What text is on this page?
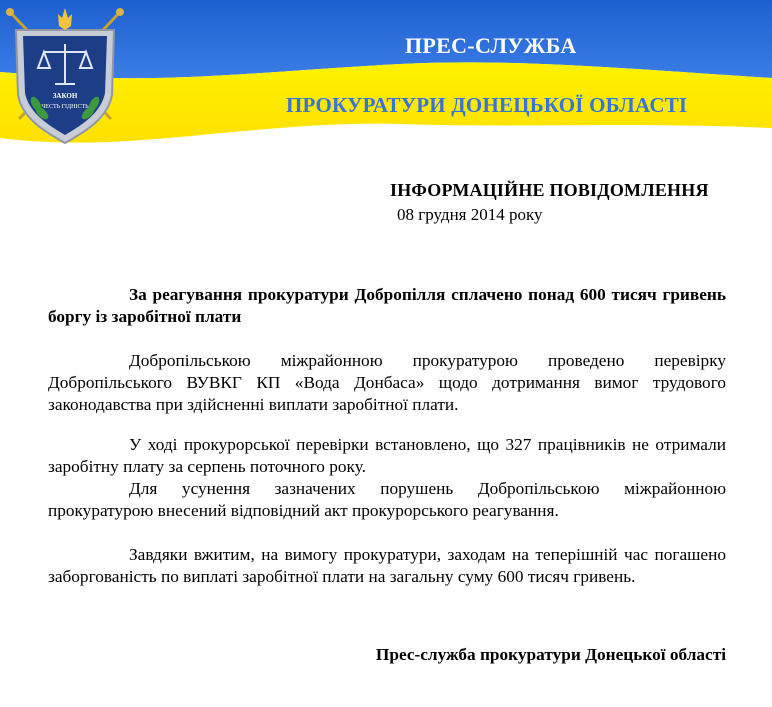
ЗАКОН
ЧЕСТЬ ГІДНІСТЬ
ПРЕС-СЛУЖБА
ПРОКУРАТУРИ ДОНЕЦЬКОЇ ОБЛАСТІ
ІНФОРМАЦІЙНЕ ПОВІДОМЛЕННЯ
08 грудня 2014 року

За реагування прокуратури Добропілля сплачено понад 600 тисяч гривень боргу із заробітної плати

Добропільською міжрайонною прокуратурою проведено перевірку Добропільського ВУВКГ КП «Вода Донбаса» щодо дотримання вимог трудового законодавства при здійсненні виплати заробітної плати.

У ході прокурорської перевірки встановлено, що 327 працівників не отримали заробітну плату за серпень поточного року.

Для усунення зазначених порушень Добропільською міжрайонною прокуратурою внесений відповідний акт прокурорського реагування.

Завдяки вжитим, на вимогу прокуратури, заходам на теперішній час погашено заборгованість по виплаті заробітної плати на загальну суму 600 тисяч гривень.

Прес-служба прокуратури Донецької області
